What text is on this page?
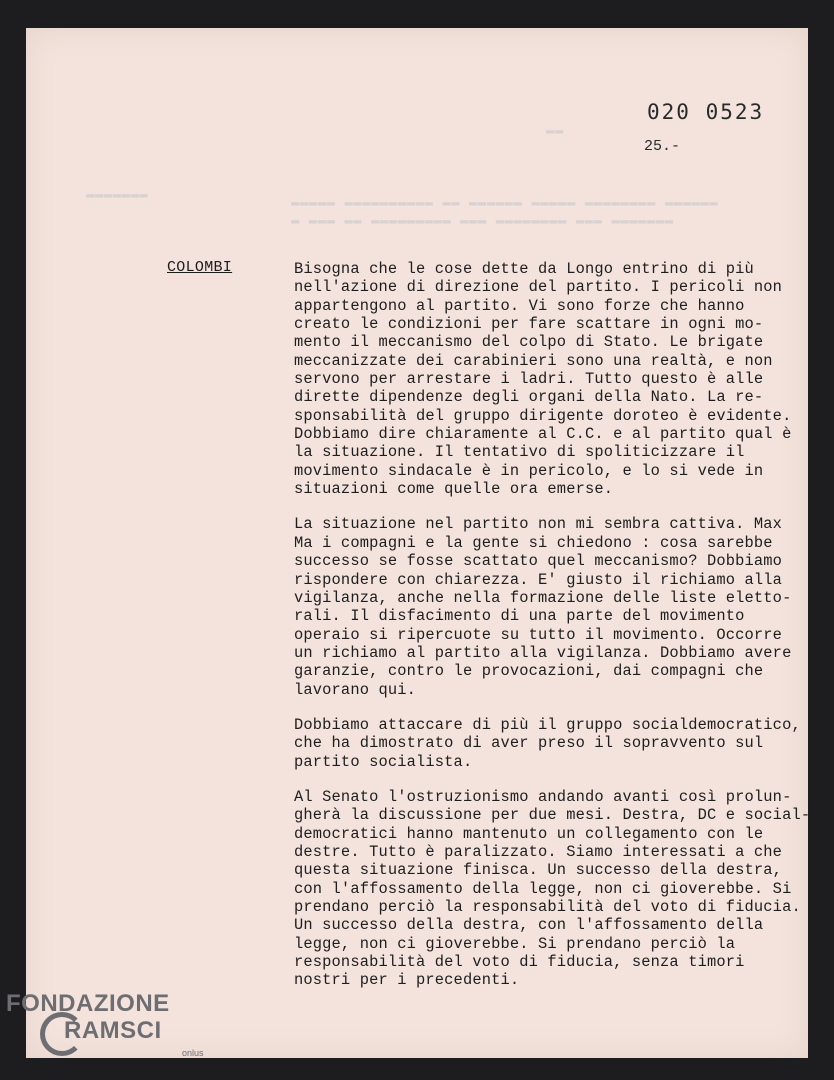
▬▬▬▬▬▬▬
▬▬
▬▬▬▬▬ ▬▬▬▬▬▬▬▬▬▬ ▬▬ ▬▬▬▬▬▬ ▬▬▬▬▬ ▬▬▬▬▬▬▬▬ ▬▬▬▬▬▬
▬ ▬▬▬ ▬▬ ▬▬▬▬▬▬▬▬▬ ▬▬▬ ▬▬▬▬▬▬▬▬ ▬▬▬ ▬▬▬▬▬▬▬
020 0523
25.-
COLOMBI	Bisogna che le cose dette da Longo entrino di più
nell'azione di direzione del partito. I pericoli non
appartengono al partito. Vi sono forze che hanno
creato le condizioni per fare scattare in ogni mo-
mento il meccanismo del colpo di Stato. Le brigate
meccanizzate dei carabinieri sono una realtà, e non
servono per arrestare i ladri. Tutto questo è alle
dirette dipendenze degli organi della Nato. La re-
sponsabilità del gruppo dirigente doroteo è evidente.
Dobbiamo dire chiaramente al C.C. e al partito qual è
la situazione. Il tentativo di spoliticizzare il
movimento sindacale è in pericolo, e lo si vede in
situazioni come quelle ora emerse.
La situazione nel partito non mi sembra cattiva. Max
Ma i compagni e la gente si chiedono : cosa sarebbe
successo se fosse scattato quel meccanismo? Dobbiamo
rispondere con chiarezza. E' giusto il richiamo alla
vigilanza, anche nella formazione delle liste eletto-
rali. Il disfacimento di una parte del movimento
operaio si ripercuote su tutto il movimento. Occorre
un richiamo al partito alla vigilanza. Dobbiamo avere
garanzie, contro le provocazioni, dai compagni che
lavorano qui.
Dobbiamo attaccare di più il gruppo socialdemocratico,
che ha dimostrato di aver preso il sopravvento sul
partito socialista.
Al Senato l'ostruzionismo andando avanti così prolun-
gherà la discussione per due mesi. Destra, DC e social-
democratici hanno mantenuto un collegamento con le
destre. Tutto è paralizzato. Siamo interessati a che
questa situazione finisca. Un successo della destra,
con l'affossamento della legge, non ci gioverebbe. Si
prendano perciò la responsabilità del voto di fiducia.
Un successo della destra, con l'affossamento della
legge, non ci gioverebbe. Si prendano perciò la
responsabilità del voto di fiducia, senza timori
nostri per i precedenti.
FONDAZIONE
RAMSCI
onlus
